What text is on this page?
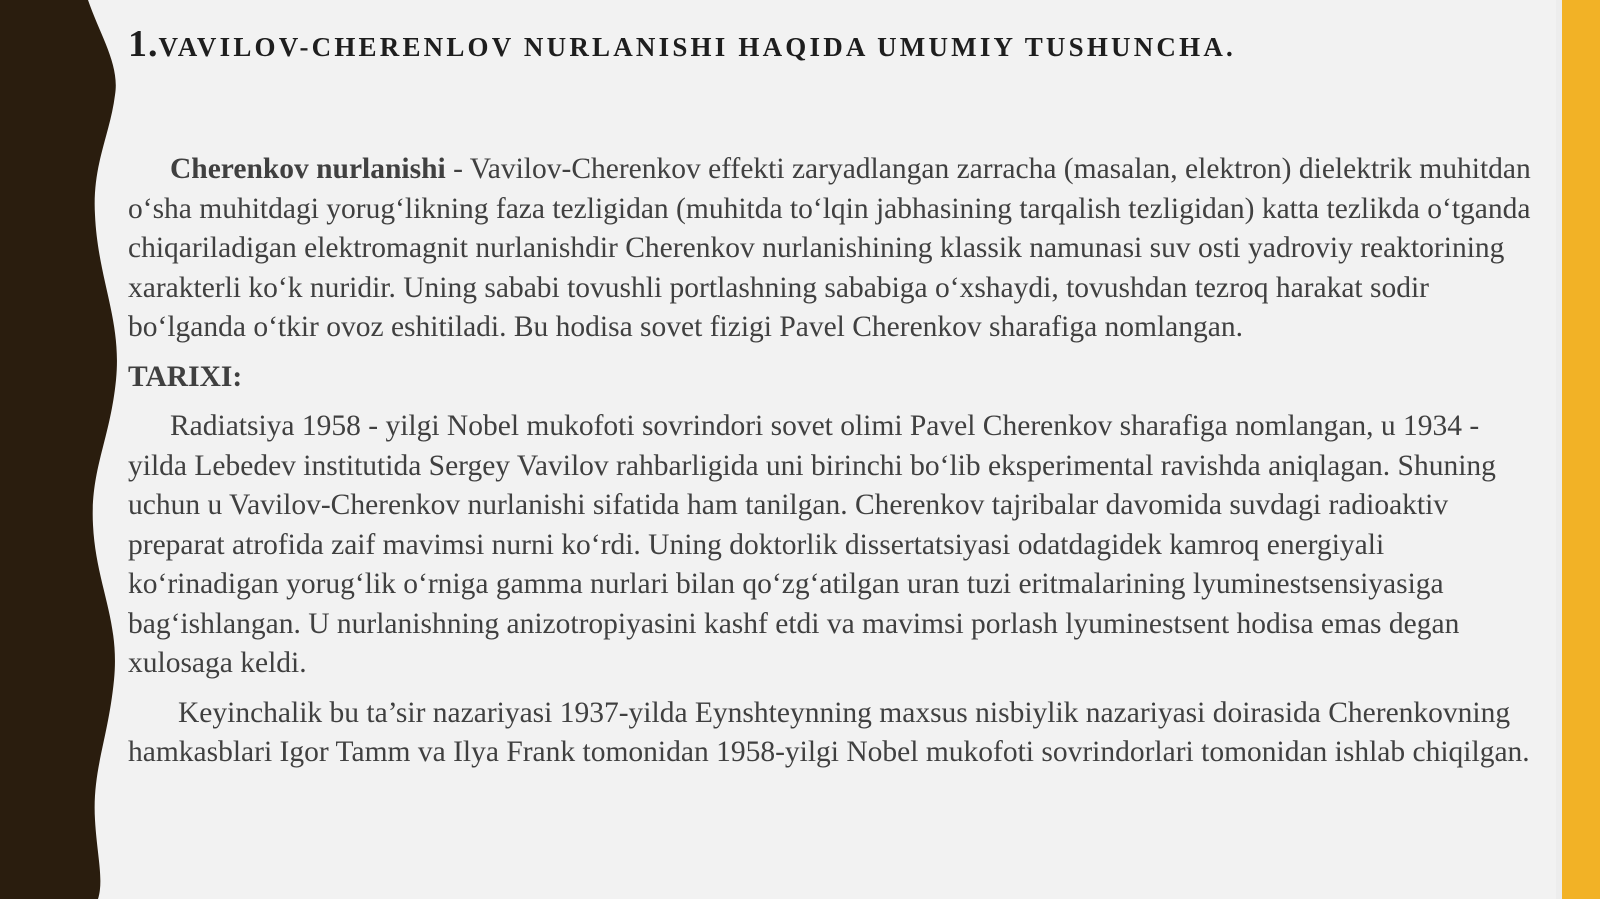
1.VAVILOV-CHERENLOV NURLANISHI HAQIDA UMUMIY TUSHUNCHA.

Cherenkov nurlanishi - Vavilov-Cherenkov effekti zaryadlangan zarracha (masalan, elektron) dielektrik muhitdan o‘sha muhitdagi yorug‘likning faza tezligidan (muhitda to‘lqin jabhasining tarqalish tezligidan) katta tezlikda o‘tganda chiqariladigan elektromagnit nurlanishdir Cherenkov nurlanishining klassik namunasi suv osti yadroviy reaktorining xarakterli ko‘k nuridir. Uning sababi tovushli portlashning sababiga o‘xshaydi, tovushdan tezroq harakat sodir bo‘lganda o‘tkir ovoz eshitiladi. Bu hodisa sovet fizigi Pavel Cherenkov sharafiga nomlangan.

TARIXI:

Radiatsiya 1958 - yilgi Nobel mukofoti sovrindori sovet olimi Pavel Cherenkov sharafiga nomlangan, u 1934 - yilda Lebedev institutida Sergey Vavilov rahbarligida uni birinchi bo‘lib eksperimental ravishda aniqlagan. Shuning uchun u Vavilov-Cherenkov nurlanishi sifatida ham tanilgan. Cherenkov tajribalar davomida suvdagi radioaktiv preparat atrofida zaif mavimsi nurni ko‘rdi. Uning doktorlik dissertatsiyasi odatdagidek kamroq energiyali ko‘rinadigan yorug‘lik o‘rniga gamma nurlari bilan qo‘zg‘atilgan uran tuzi eritmalarining lyuminestsensiyasiga bag‘ishlangan. U nurlanishning anizotropiyasini kashf etdi va mavimsi porlash lyuminestsent hodisa emas degan xulosaga keldi.

Keyinchalik bu ta’sir nazariyasi 1937-yilda Eynshteynning maxsus nisbiylik nazariyasi doirasida Cherenkovning hamkasblari Igor Tamm va Ilya Frank tomonidan 1958-yilgi Nobel mukofoti sovrindorlari tomonidan ishlab chiqilgan.
